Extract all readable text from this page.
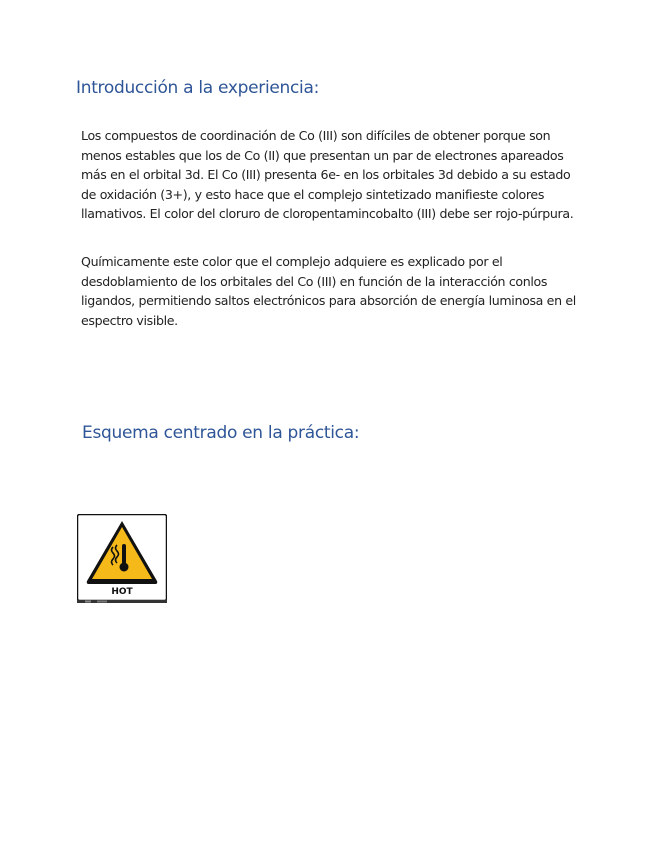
Introducción a la experiencia:

Los compuestos de coordinación de Co (III) son difíciles de obtener porque son menos estables que los de Co (II) que presentan un par de electrones apareados más en el orbital 3d. El Co (III) presenta 6e- en los orbitales 3d debido a su estado de oxidación (3+), y esto hace que el complejo sintetizado manifieste colores llamativos. El color del cloruro de cloropentamincobalto (III) debe ser rojo-púrpura.

Químicamente este color que el complejo adquiere es explicado por el desdoblamiento de los orbitales del Co (III) en función de la interacción conlos ligandos, permitiendo saltos electrónicos para absorción de energía luminosa en el espectro visible.

Esquema centrado en la práctica:
HOT
